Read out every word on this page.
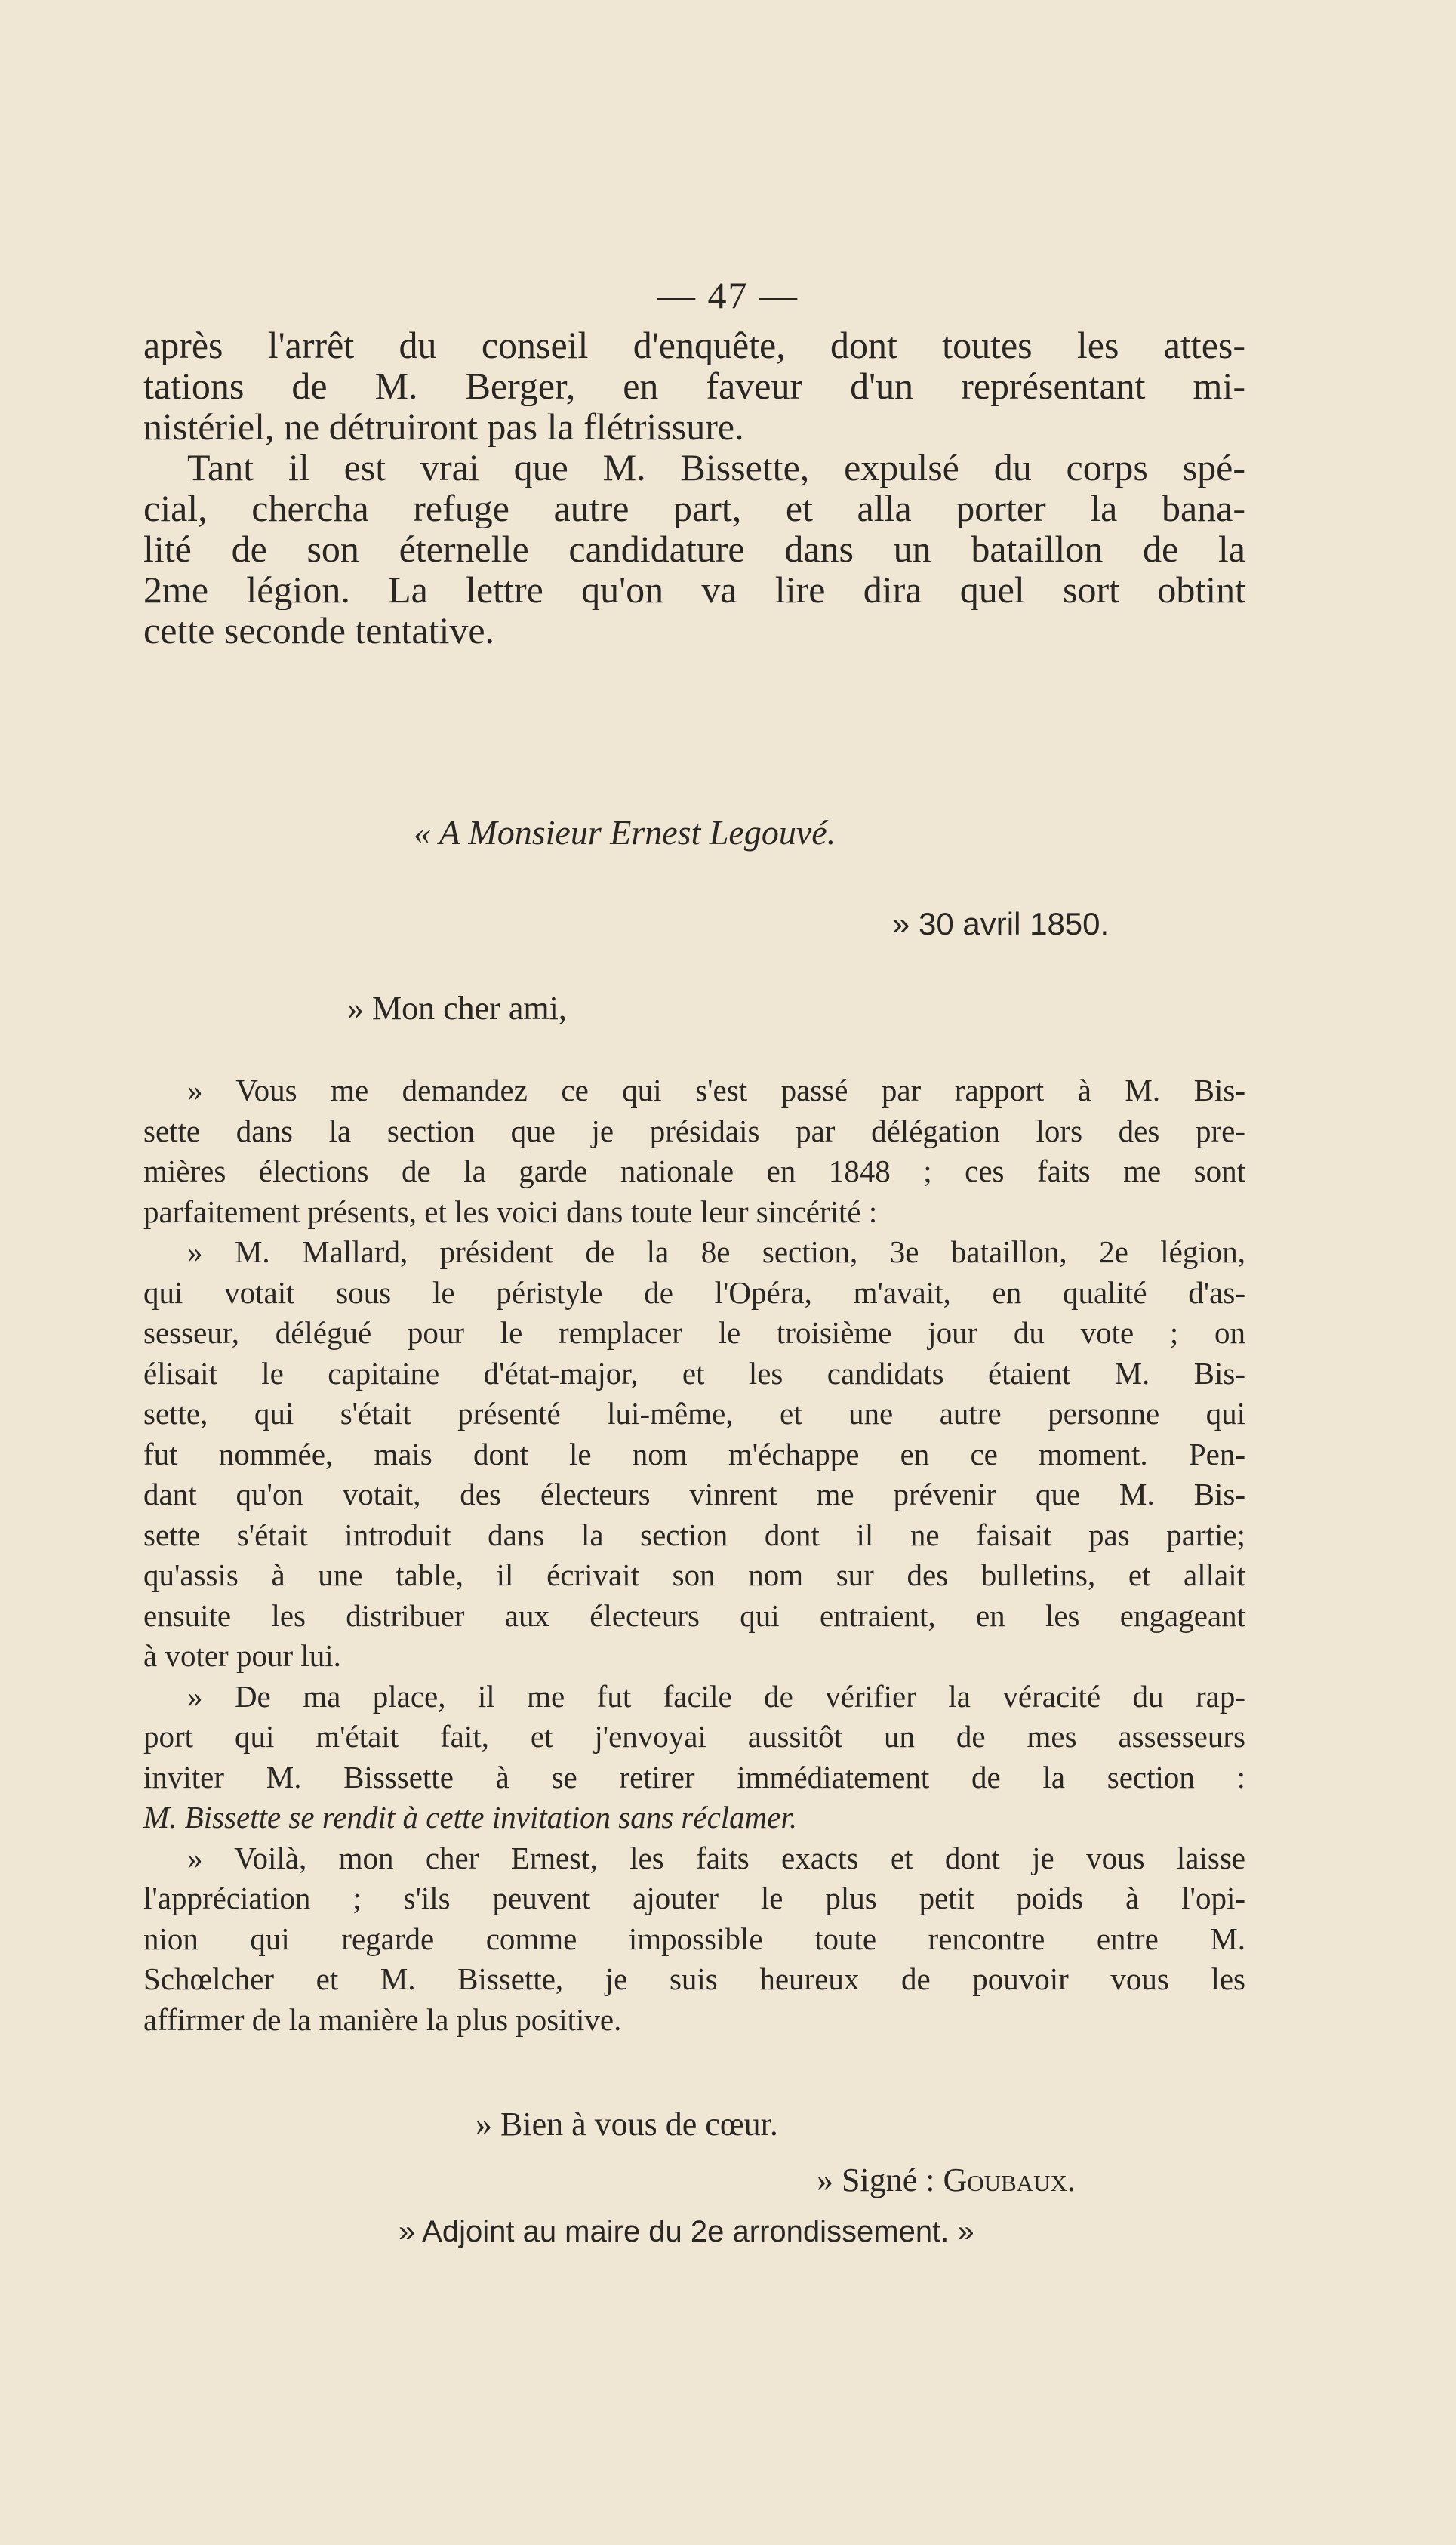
— 47 —
après l'arrêt du conseil d'enquête, dont toutes les attes-
tations de M. Berger, en faveur d'un représentant mi-
nistériel, ne détruiront pas la flétrissure.
Tant il est vrai que M. Bissette, expulsé du corps spé-
cial, chercha refuge autre part, et alla porter la bana-
lité de son éternelle candidature dans un bataillon de la
2me légion. La lettre qu'on va lire dira quel sort obtint
cette seconde tentative.
« A Monsieur Ernest Legouvé.
» 30 avril 1850.
» Mon cher ami,
» Vous me demandez ce qui s'est passé par rapport à M. Bis-
sette dans la section que je présidais par délégation lors des pre-
mières élections de la garde nationale en 1848 ; ces faits me sont
parfaitement présents, et les voici dans toute leur sincérité :
» M. Mallard, président de la 8e section, 3e bataillon, 2e légion,
qui votait sous le péristyle de l'Opéra, m'avait, en qualité d'as-
sesseur, délégué pour le remplacer le troisième jour du vote ; on
élisait le capitaine d'état-major, et les candidats étaient M. Bis-
sette, qui s'était présenté lui-même, et une autre personne qui
fut nommée, mais dont le nom m'échappe en ce moment. Pen-
dant qu'on votait, des électeurs vinrent me prévenir que M. Bis-
sette s'était introduit dans la section dont il ne faisait pas partie;
qu'assis à une table, il écrivait son nom sur des bulletins, et allait
ensuite les distribuer aux électeurs qui entraient, en les engageant
à voter pour lui.
» De ma place, il me fut facile de vérifier la véracité du rap-
port qui m'était fait, et j'envoyai aussitôt un de mes assesseurs
inviter M. Bisssette à se retirer immédiatement de la section :
M. Bissette se rendit à cette invitation sans réclamer.
» Voilà, mon cher Ernest, les faits exacts et dont je vous laisse
l'appréciation ; s'ils peuvent ajouter le plus petit poids à l'opi-
nion qui regarde comme impossible toute rencontre entre M.
Schœlcher et M. Bissette, je suis heureux de pouvoir vous les
affirmer de la manière la plus positive.
» Bien à vous de cœur.
» Signé : Goubaux.
» Adjoint au maire du 2e arrondissement. »
